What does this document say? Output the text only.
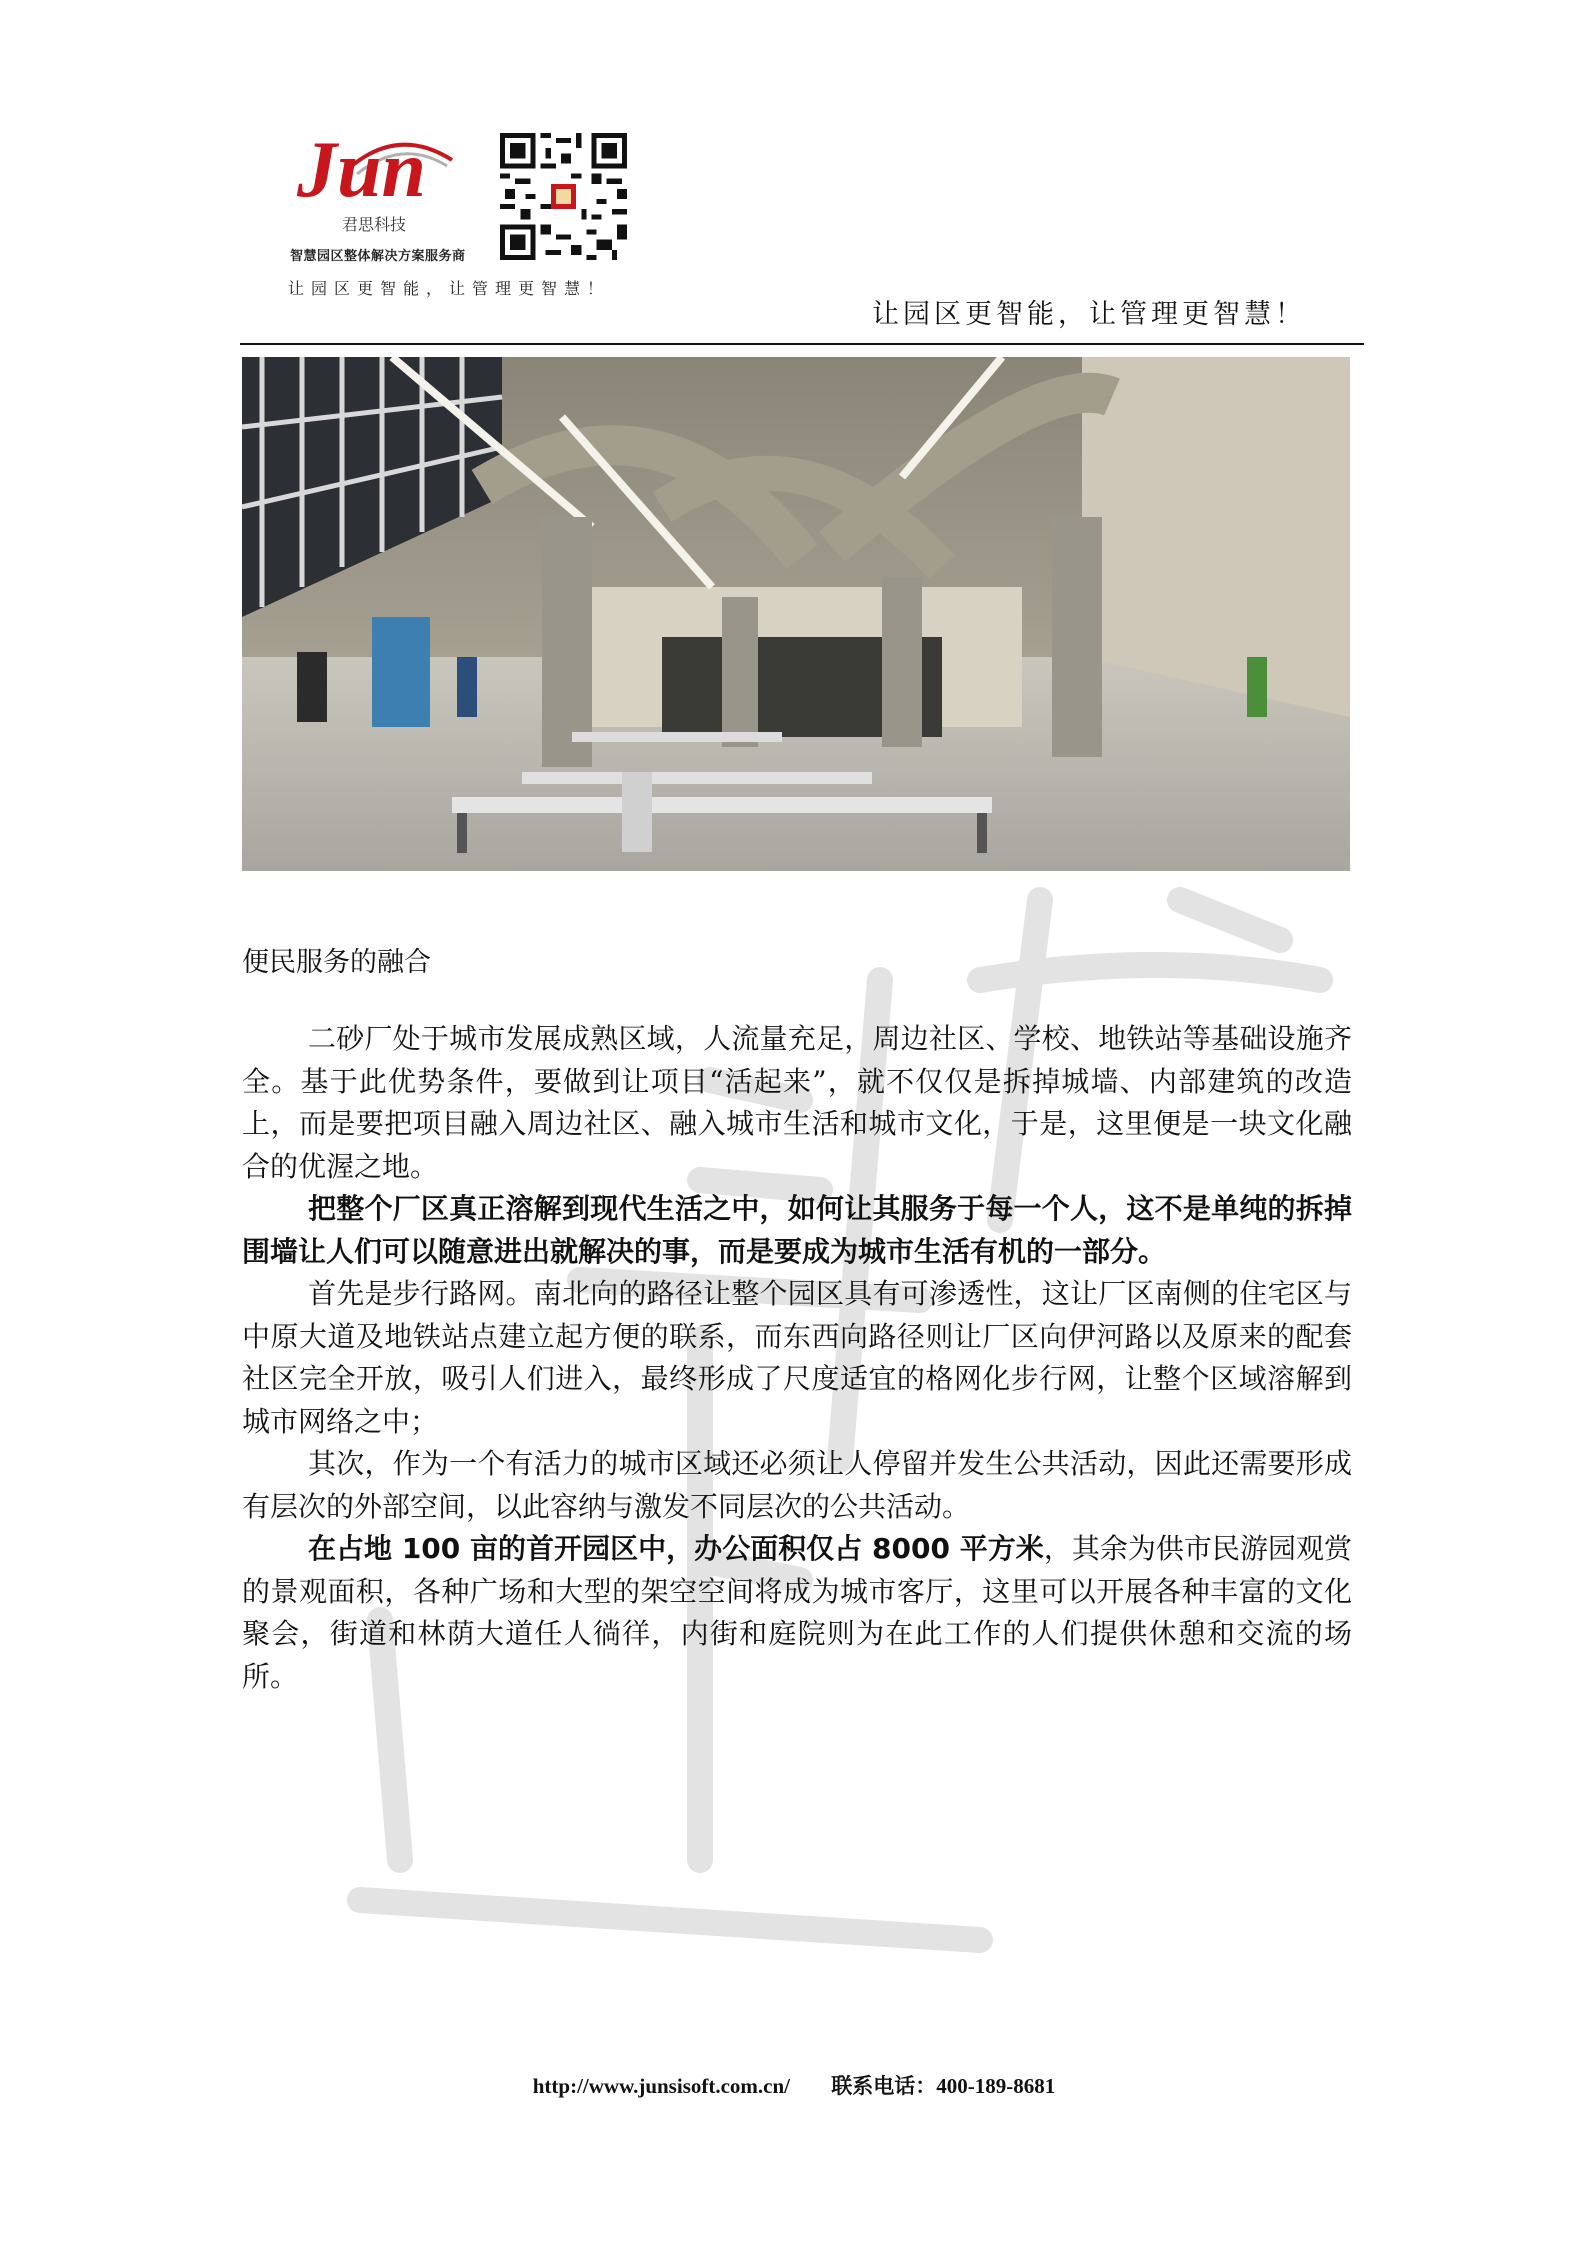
Jun
君思科技
智慧园区整体解决方案服务商
让园区更智能，让管理更智慧！
让园区更智能，让管理更智慧！
便民服务的融合

二砂厂处于城市发展成熟区域，人流量充足，周边社区、学校、地铁站等基础设施齐全。基于此优势条件，要做到让项目“活起来”，就不仅仅是拆掉城墙、内部建筑的改造上，而是要把项目融入周边社区、融入城市生活和城市文化，于是，这里便是一块文化融合的优渥之地。

把整个厂区真正溶解到现代生活之中，如何让其服务于每一个人，这不是单纯的拆掉围墙让人们可以随意进出就解决的事，而是要成为城市生活有机的一部分。

首先是步行路网。南北向的路径让整个园区具有可渗透性，这让厂区南侧的住宅区与中原大道及地铁站点建立起方便的联系，而东西向路径则让厂区向伊河路以及原来的配套社区完全开放，吸引人们进入，最终形成了尺度适宜的格网化步行网，让整个区域溶解到城市网络之中；

其次，作为一个有活力的城市区域还必须让人停留并发生公共活动，因此还需要形成有层次的外部空间，以此容纳与激发不同层次的公共活动。

在占地 100 亩的首开园区中，办公面积仅占 8000 平方米，其余为供市民游园观赏的景观面积，各种广场和大型的架空空间将成为城市客厅，这里可以开展各种丰富的文化聚会，街道和林荫大道任人徜徉，内街和庭院则为在此工作的人们提供休憩和交流的场所。

http://www.junsisoft.com.cn/ 联系电话：400-189-8681
